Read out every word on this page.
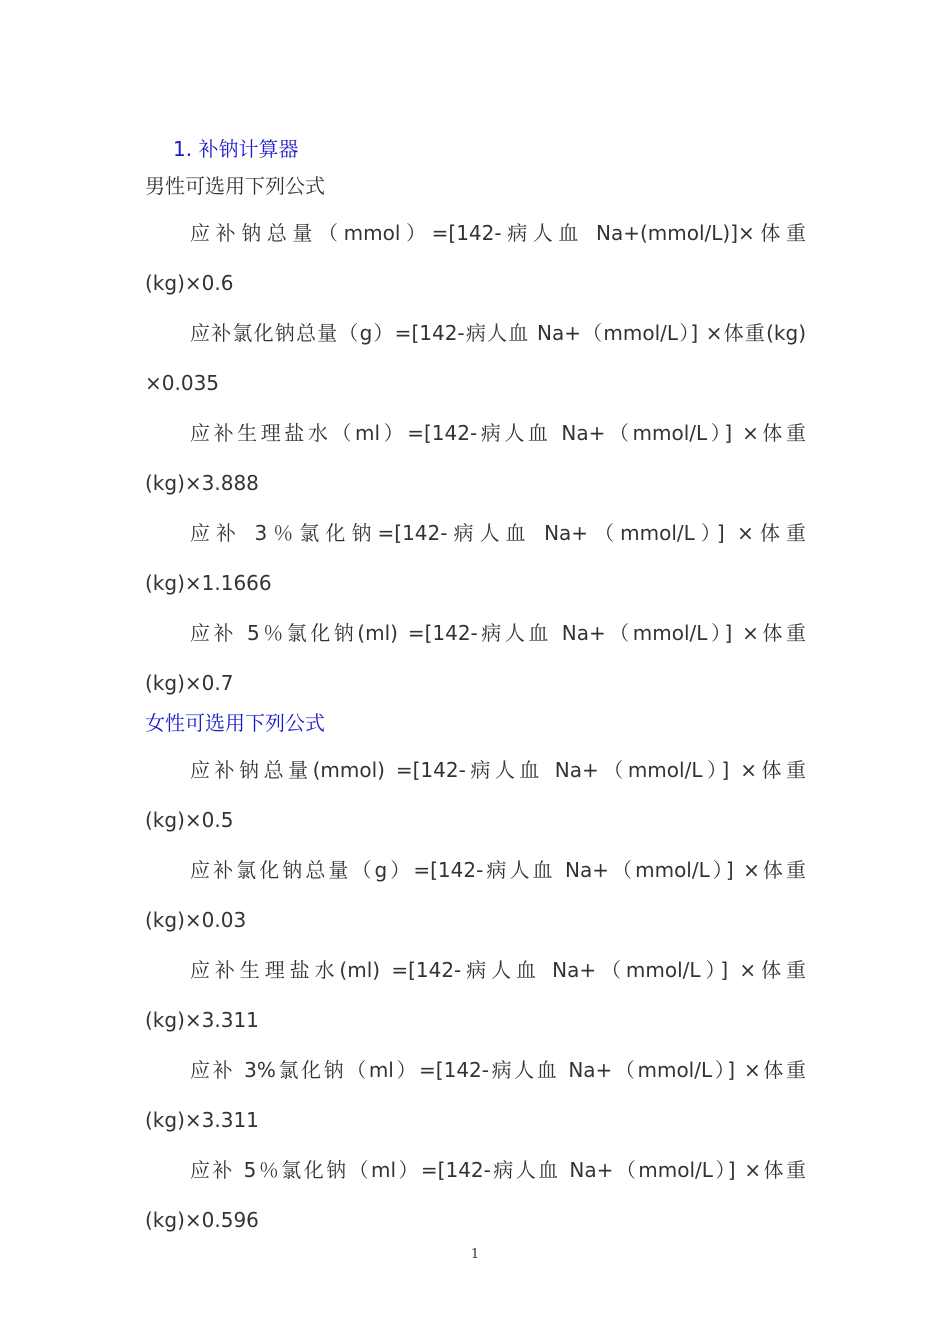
1. 补钠计算器
男性可选用下列公式

应补钠总量（mmol）=[142-病人血 Na+(mmol/L)]×体重(kg)×0.6

应补氯化钠总量（g）=[142-病人血 Na+（mmol/L）] ×体重(kg) ×0.035

应补生理盐水（ml）=[142-病人血 Na+（mmol/L）] ×体重(kg)×3.888

应补 3％氯化钠=[142-病人血 Na+（mmol/L）] ×体重(kg)×1.1666

应补 5％氯化钠(ml) =[142-病人血 Na+（mmol/L）] ×体重(kg)×0.7

女性可选用下列公式

应补钠总量(mmol) =[142-病人血 Na+（mmol/L）] ×体重(kg)×0.5

应补氯化钠总量（g）=[142-病人血 Na+（mmol/L）] ×体重(kg)×0.03

应补生理盐水(ml) =[142-病人血 Na+（mmol/L）] ×体重(kg)×3.311

应补 3%氯化钠（ml）=[142-病人血 Na+（mmol/L）] ×体重(kg)×3.311

应补 5％氯化钠（ml）=[142-病人血 Na+（mmol/L）] ×体重(kg)×0.596

1
